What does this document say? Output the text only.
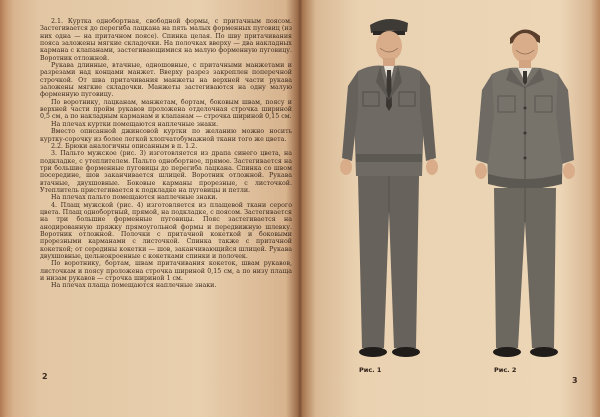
2.1. Куртка однобортная, свободной формы, с притачным поясом. Застегивается до перегиба лацкана на пять малых форменных пуговиц (из них одна — на притачном поясе). Спинка целая. По шву притачивания пояса заложены мягкие складочки. На полочках вверху — два накладных кармана с клапанами, застегивающимися на малую форменную пуговицу. Воротник отложной.

Рукава длинные, втачные, одношовные, с притачными манжетами и разрезами над концами манжет. Вверху разрез закреплен поперечной строчкой. От шва притачивания манжеты на верхней части рукава заложены мягкие складочки. Манжеты застегиваются на одну малую форменную пуговицу.

По воротнику, лацканам, манжетам, бортам, боковым швам, поясу и верхней части пройм рукавов проложена отделочная строчка шириной 0,5 см, а по накладным карманам и клапанам — строчка шириной 0,15 см.

На плечах куртки помещаются наплечные знаки.

Вместо описанной джинсовой куртки по желанию можно носить куртку-сорочку из более легкой хлопчатобумажной ткани того же цвета.

2.2. Брюки аналогичны описанным в п. 1.2.

3. Пальто мужское (рис. 3) изготовляется из драпа синего цвета, на подкладке, с утеплителем. Пальто однобортное, прямое. Застегивается на три большие форменные пуговицы до перегиба лацкана. Спинка со швом посередине, шов заканчивается шлицей. Воротник отложной. Рукава втачные, двухшовные. Боковые карманы прорезные, с листочкой. Утеплитель пристегивается к подкладке на пуговицы и петли.

На плечах пальто помещаются наплечные знаки.

4. Плащ мужской (рис. 4) изготовляется из плащевой ткани серого цвета. Плащ однобортный, прямой, на подкладке, с поясом. Застегивается на три большие форменные пуговицы. Пояс застегивается на анодированную пряжку прямоугольной формы и передвижную шлевку. Воротник отложной. Полочки с притачной кокеткой и боковыми прорезными карманами с листочкой. Спинка также с притачной кокеткой; от середины кокетки — шов, заканчивающийся шлицей. Рукава двухшовные, цельнокроенные с кокетками спинки и полочек.

По воротнику, бортам, швам притачивания кокеток, швам рукавов, листочкам и поясу проложена строчка шириной 0,15 см, а по низу плаща и низам рукавов — строчка шириной 1 см.

На плечах плаща помещаются наплечные знаки.

2
Рис. 1	Рис. 2
3
